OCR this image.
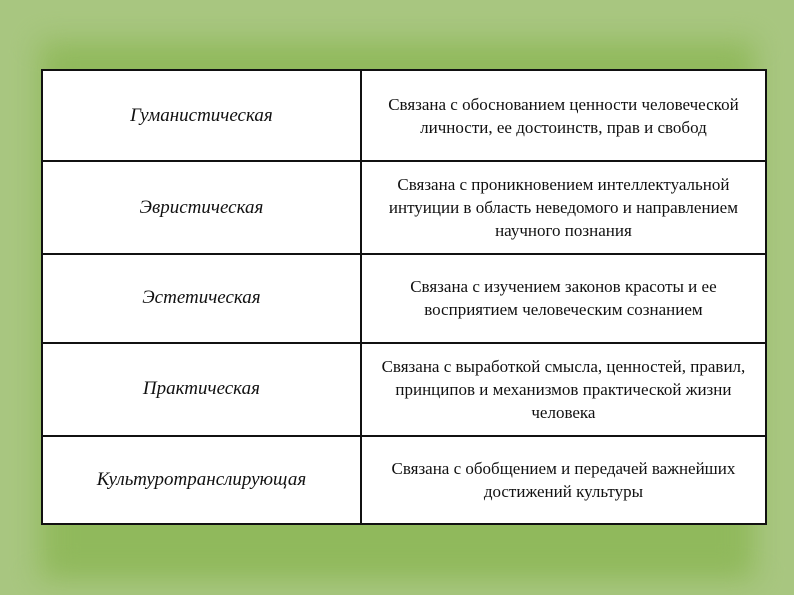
Гуманистическая	Связана с обоснованием ценности человеческой личности, ее достоинств, прав и свобод
Эвристическая	Связана с проникновением интеллектуальной интуиции в область неведомого и направлением научного познания
Эстетическая	Связана с изучением законов красоты и ее восприятием человеческим сознанием
Практическая	Связана с выработкой смысла, ценностей, правил, принципов и механизмов практической жизни человека
Культуротранслирующая	Связана с обобщением и передачей важнейших достижений культуры
